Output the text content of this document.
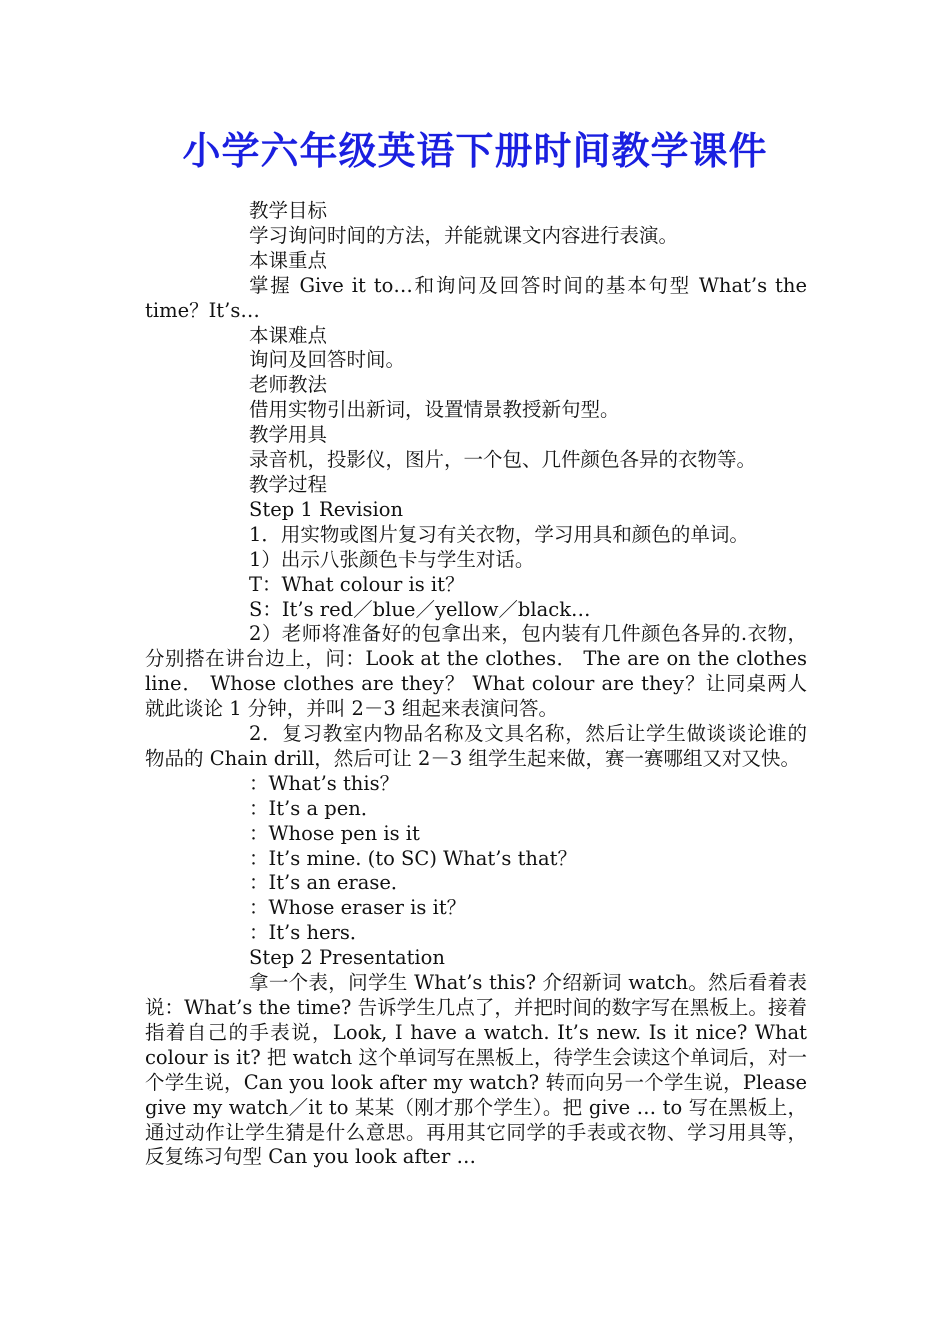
小学六年级英语下册时间教学课件

教学目标

学习询问时间的方法，并能就课文内容进行表演。

本课重点

掌握 Give it to…和询问及回答时间的基本句型 What’s the time？It’s…

本课难点

询问及回答时间。

老师教法

借用实物引出新词，设置情景教授新句型。

教学用具

录音机，投影仪，图片，一个包、几件颜色各异的衣物等。

教学过程

Step 1 Revision

1．用实物或图片复习有关衣物，学习用具和颜色的单词。

1）出示八张颜色卡与学生对话。

T：What colour is it？

S：It’s red／blue／yellow／black…

2）老师将准备好的包拿出来，包内装有几件颜色各异的.衣物，分别搭在讲台边上，问：Look at the clothes． The are on the clothes line． Whose clothes are they？ What colour are they？让同桌两人就此谈论 1 分钟，并叫 2－3 组起来表演问答。

2．复习教室内物品名称及文具名称，然后让学生做谈谈论谁的物品的 Chain drill，然后可让 2－3 组学生起来做，赛一赛哪组又对又快。

：What’s this？

：It’s a pen．

：Whose pen is it

：It’s mine. (to SC) What’s that？

：It’s an erase．

：Whose eraser is it？

：It’s hers．

Step 2 Presentation

拿一个表，问学生 What’s this? 介绍新词 watch。然后看着表说：What’s the time? 告诉学生几点了，并把时间的数字写在黑板上。接着指着自己的手表说，Look, I have a watch. It’s new. Is it nice? What colour is it? 把 watch 这个单词写在黑板上，待学生会读这个单词后，对一个学生说，Can you look after my watch? 转而向另一个学生说，Please give my watch／it to 某某（刚才那个学生）。把 give … to 写在黑板上，通过动作让学生猜是什么意思。再用其它同学的手表或衣物、学习用具等，反复练习句型 Can you look after …
